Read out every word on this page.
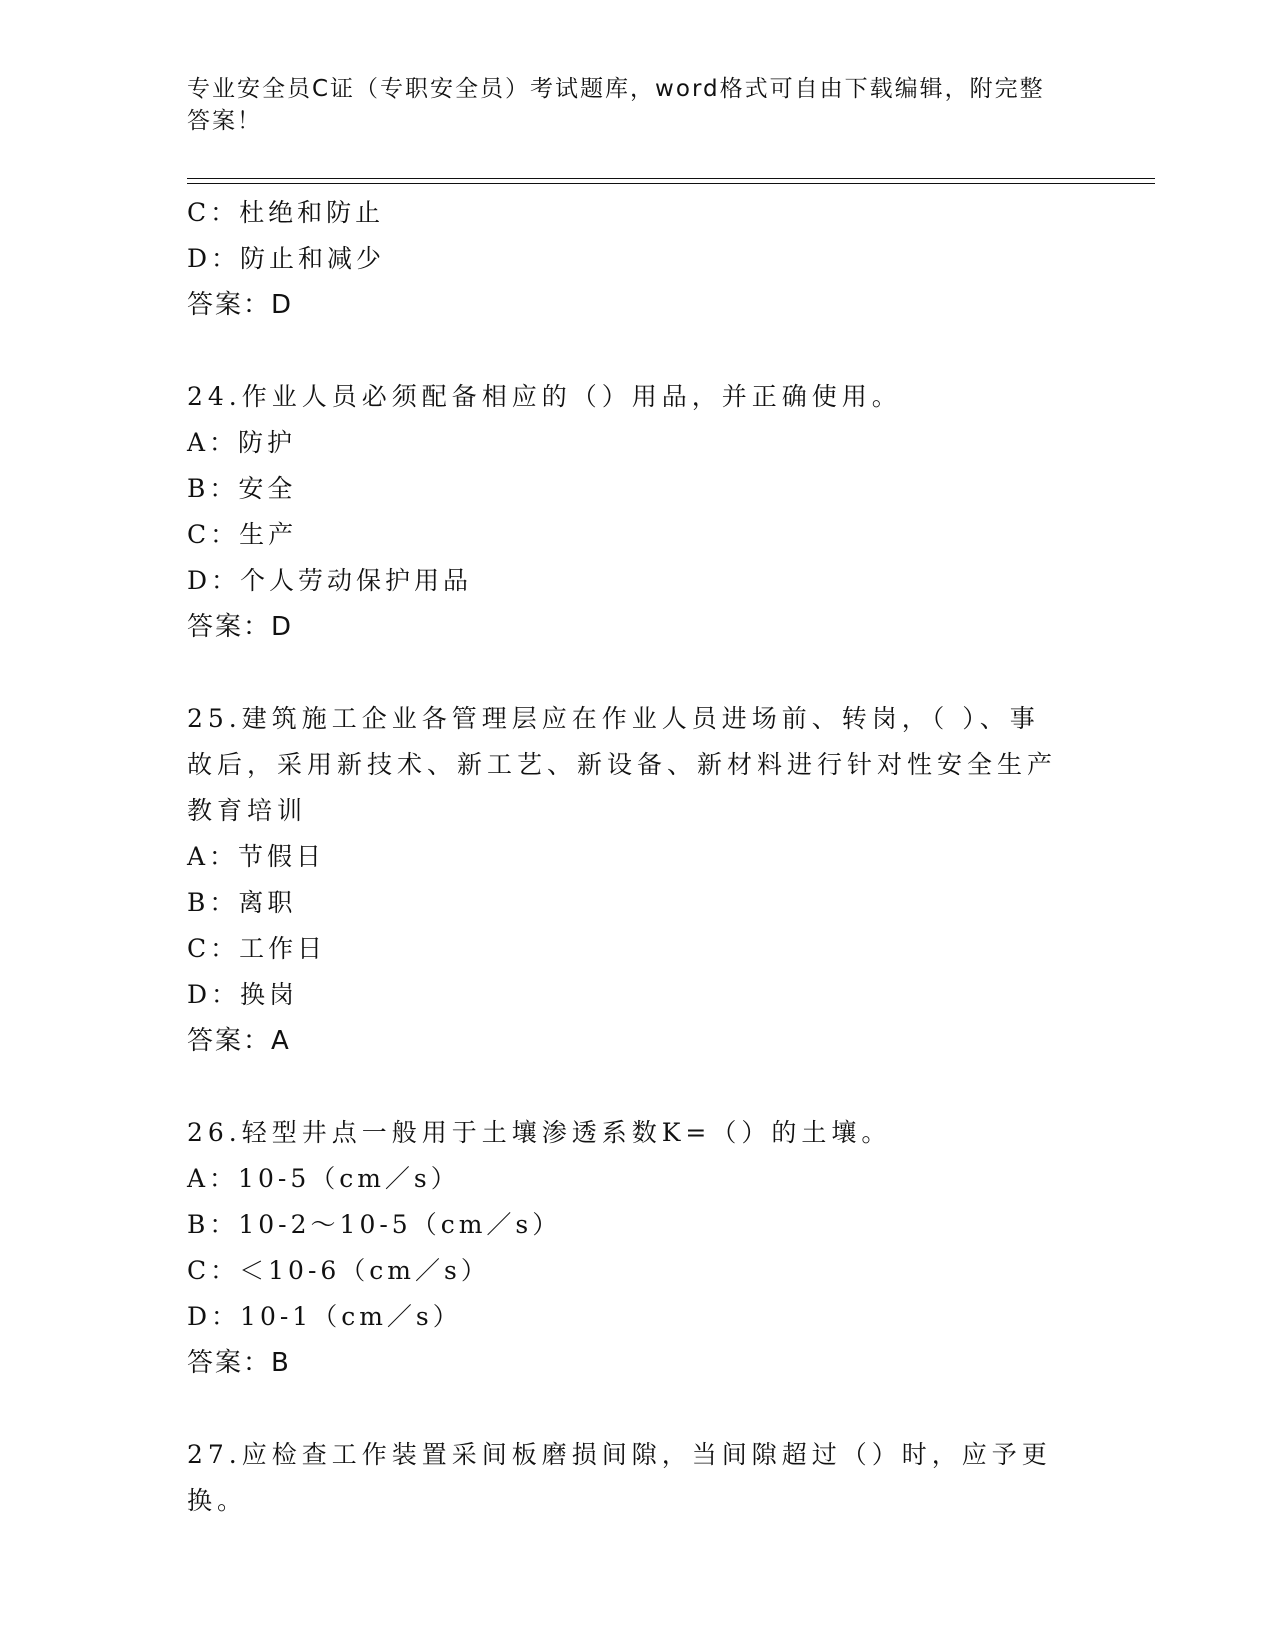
专业安全员C证（专职安全员）考试题库，word格式可自由下载编辑，附完整答案！
C：杜绝和防止
D：防止和减少
答案：D
24.作业人员必须配备相应的（）用品，并正确使用。
A：防护
B：安全
C：生产
D：个人劳动保护用品
答案：D
25.建筑施工企业各管理层应在作业人员进场前、转岗，（ ）、事故后，采用新技术、新工艺、新设备、新材料进行针对性安全生产教育培训
A：节假日
B：离职
C：工作日
D：换岗
答案：A
26.轻型井点一般用于土壤渗透系数K=（）的土壤。
A：10-5（cm／s）
B：10-2～10-5（cm／s）
C：＜10-6（cm／s）
D：10-1（cm／s）
答案：B
27.应检查工作装置采间板磨损间隙，当间隙超过（）时，应予更换。
